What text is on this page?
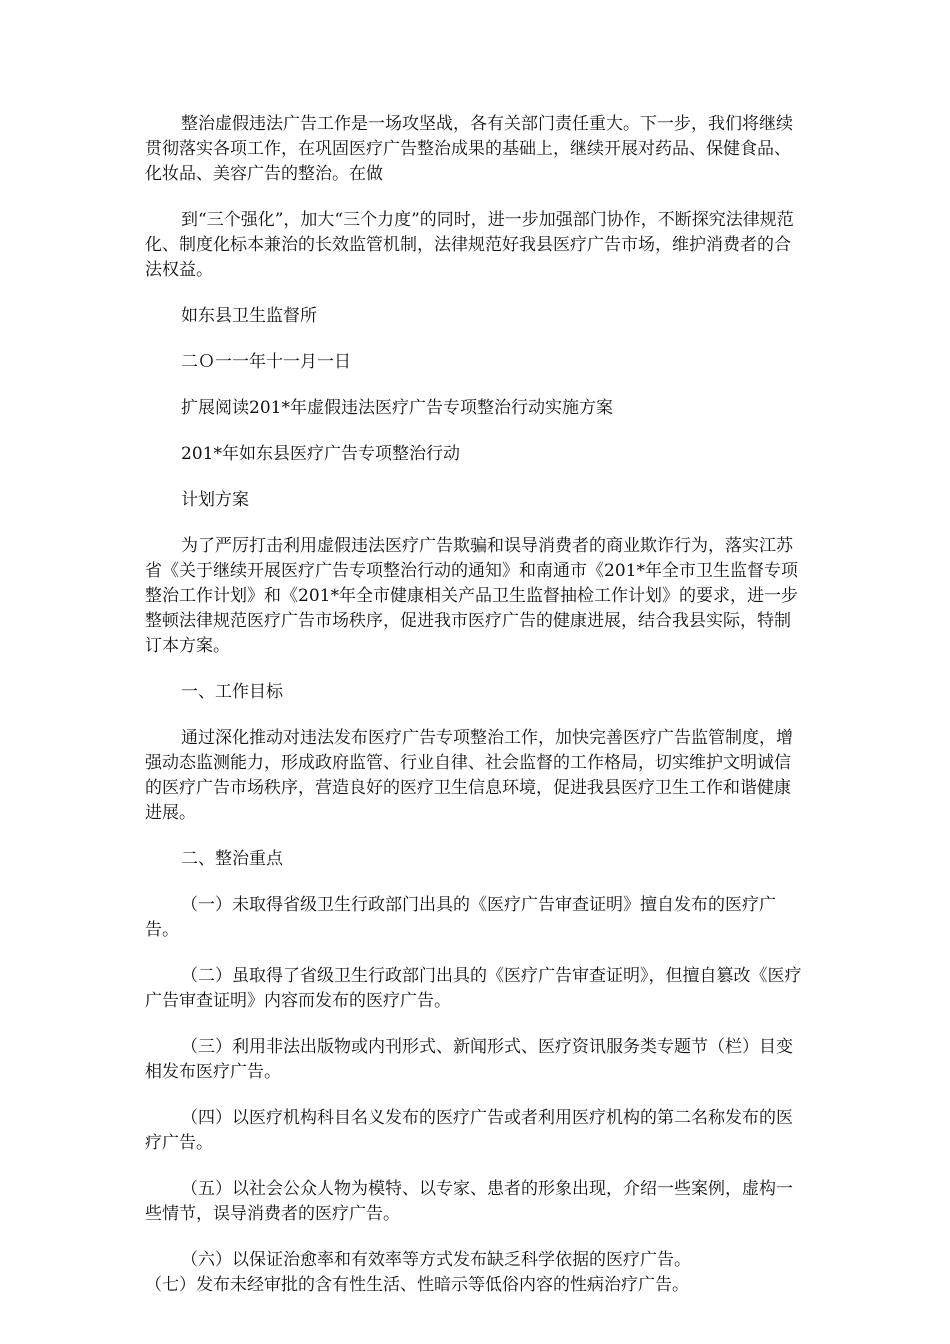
整治虚假违法广告工作是一场攻坚战，各有关部门责任重大。下一步，我们将继续贯彻落实各项工作，在巩固医疗广告整治成果的基础上，继续开展对药品、保健食品、化妆品、美容广告的整治。在做

到“三个强化”，加大“三个力度”的同时，进一步加强部门协作，不断探究法律规范化、制度化标本兼治的长效监管机制，法律规范好我县医疗广告市场，维护消费者的合法权益。

如东县卫生监督所

二Ｏ一一年十一月一日

扩展阅读201*年虚假违法医疗广告专项整治行动实施方案

201*年如东县医疗广告专项整治行动

计划方案

为了严厉打击利用虚假违法医疗广告欺骗和误导消费者的商业欺诈行为，落实江苏省《关于继续开展医疗广告专项整治行动的通知》和南通市《201*年全市卫生监督专项整治工作计划》和《201*年全市健康相关产品卫生监督抽检工作计划》的要求，进一步整顿法律规范医疗广告市场秩序，促进我市医疗广告的健康进展，结合我县实际，特制订本方案。

一、工作目标

通过深化推动对违法发布医疗广告专项整治工作，加快完善医疗广告监管制度，增强动态监测能力，形成政府监管、行业自律、社会监督的工作格局，切实维护文明诚信的医疗广告市场秩序，营造良好的医疗卫生信息环境，促进我县医疗卫生工作和谐健康进展。

二、整治重点

（一）未取得省级卫生行政部门出具的《医疗广告审查证明》擅自发布的医疗广告。

（二）虽取得了省级卫生行政部门出具的《医疗广告审查证明》，但擅自篡改《医疗广告审查证明》内容而发布的医疗广告。

（三）利用非法出版物或内刊形式、新闻形式、医疗资讯服务类专题节（栏）目变相发布医疗广告。

（四）以医疗机构科目名义发布的医疗广告或者利用医疗机构的第二名称发布的医疗广告。

（五）以社会公众人物为模特、以专家、患者的形象出现，介绍一些案例，虚构一些情节，误导消费者的医疗广告。

（六）以保证治愈率和有效率等方式发布缺乏科学依据的医疗广告。

（七）发布未经审批的含有性生活、性暗示等低俗内容的性病治疗广告。
